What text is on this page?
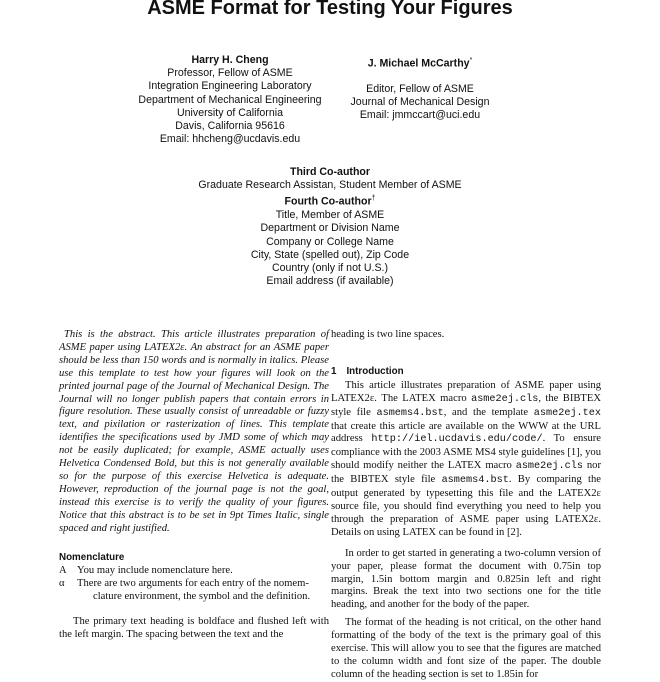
ASME Format for Testing Your Figures
Harry H. Cheng
Professor, Fellow of ASME
Integration Engineering Laboratory
Department of Mechanical Engineering
University of California
Davis, California 95616
Email: hhcheng@ucdavis.edu
J. Michael McCarthy*
Editor, Fellow of ASME
Journal of Mechanical Design
Email: jmmccart@uci.edu
Third Co-author
Graduate Research Assistan, Student Member of ASME
Fourth Co-author†
Title, Member of ASME
Department or Division Name
Company or College Name
City, State (spelled out), Zip Code
Country (only if not U.S.)
Email address (if available)

This is the abstract. This article illustrates preparation of ASME paper using LATEX2ε. An abstract for an ASME paper should be less than 150 words and is normally in italics. Please use this template to test how your figures will look on the printed journal page of the Journal of Mechanical Design. The Journal will no longer publish papers that contain errors in figure resolution. These usually consist of unreadable or fuzzy text, and pixilation or rasterization of lines. This template identifies the specifications used by JMD some of which may not be easily duplicated; for example, ASME actually uses Helvetica Condensed Bold, but this is not generally available so for the purpose of this exercise Helvetica is adequate. However, reproduction of the journal page is not the goal, instead this exercise is to verify the quality of your figures. Notice that this abstract is to be set in 9pt Times Italic, single spaced and right justified.

Nomenclature
A You may include nomenclature here.
α	There are two arguments for each entry of the nomem-
clature environment, the symbol and the definition.

The primary text heading is boldface and flushed left with the left margin. The spacing between the text and the

heading is two line spaces.

1 Introduction

This article illustrates preparation of ASME paper using LATEX2ε. The LATEX macro asme2ej.cls, the BIBTEX style file asmems4.bst, and the template asme2ej.tex that create this article are available on the WWW at the URL address http://iel.ucdavis.edu/code/. To ensure compliance with the 2003 ASME MS4 style guidelines [1], you should modify neither the LATEX macro asme2ej.cls nor the BIBTEX style file asmems4.bst. By comparing the output generated by typesetting this file and the LATEX2ε source file, you should find everything you need to help you through the preparation of ASME paper using LATEX2ε. Details on using LATEX can be found in [2].

In order to get started in generating a two-column version of your paper, please format the document with 0.75in top margin, 1.5in bottom margin and 0.825in left and right margins. Break the text into two sections one for the title heading, and another for the body of the paper.

The format of the heading is not critical, on the other hand formatting of the body of the text is the primary goal of this exercise. This will allow you to see that the figures are matched to the column width and font size of the paper. The double column of the heading section is set to 1.85in for
